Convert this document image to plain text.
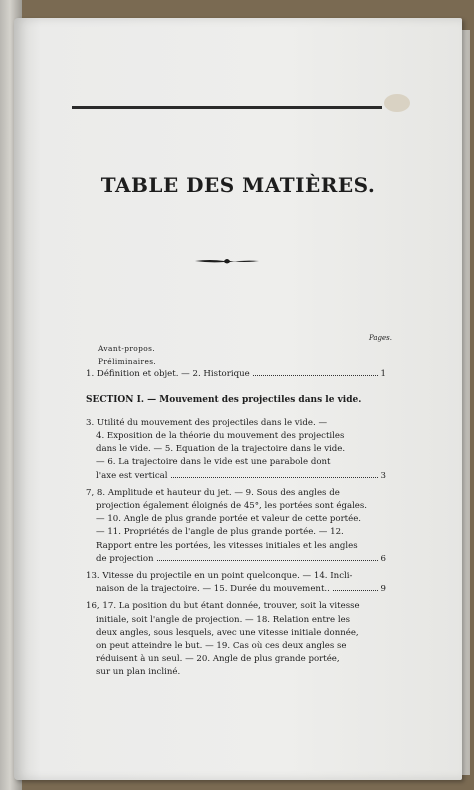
TABLE DES MATIÈRES.
Pages.
Avant-propos.
Préliminaires.
1. Définition et objet. — 2. Historique	1
SECTION I. — Mouvement des projectiles dans le vide.
3. Utilité du mouvement des projectiles dans le vide. —
4. Exposition de la théorie du mouvement des projectiles
dans le vide. — 5. Equation de la trajectoire dans le vide.
— 6. La trajectoire dans le vide est une parabole dont
l'axe est vertical	3
7, 8. Amplitude et hauteur du jet. — 9. Sous des angles de
projection également éloignés de 45°, les portées sont égales.
— 10. Angle de plus grande portée et valeur de cette portée.
— 11. Propriétés de l'angle de plus grande portée. — 12.
Rapport entre les portées, les vitesses initiales et les angles
de projection	6
13. Vitesse du projectile en un point quelconque. — 14. Incli-
naison de la trajectoire. — 15. Durée du mouvement..	9
16, 17. La position du but étant donnée, trouver, soit la vitesse
initiale, soit l'angle de projection. — 18. Relation entre les
deux angles, sous lesquels, avec une vitesse initiale donnée,
on peut atteindre le but. — 19. Cas où ces deux angles se
réduisent à un seul. — 20. Angle de plus grande portée,
sur un plan incliné.
